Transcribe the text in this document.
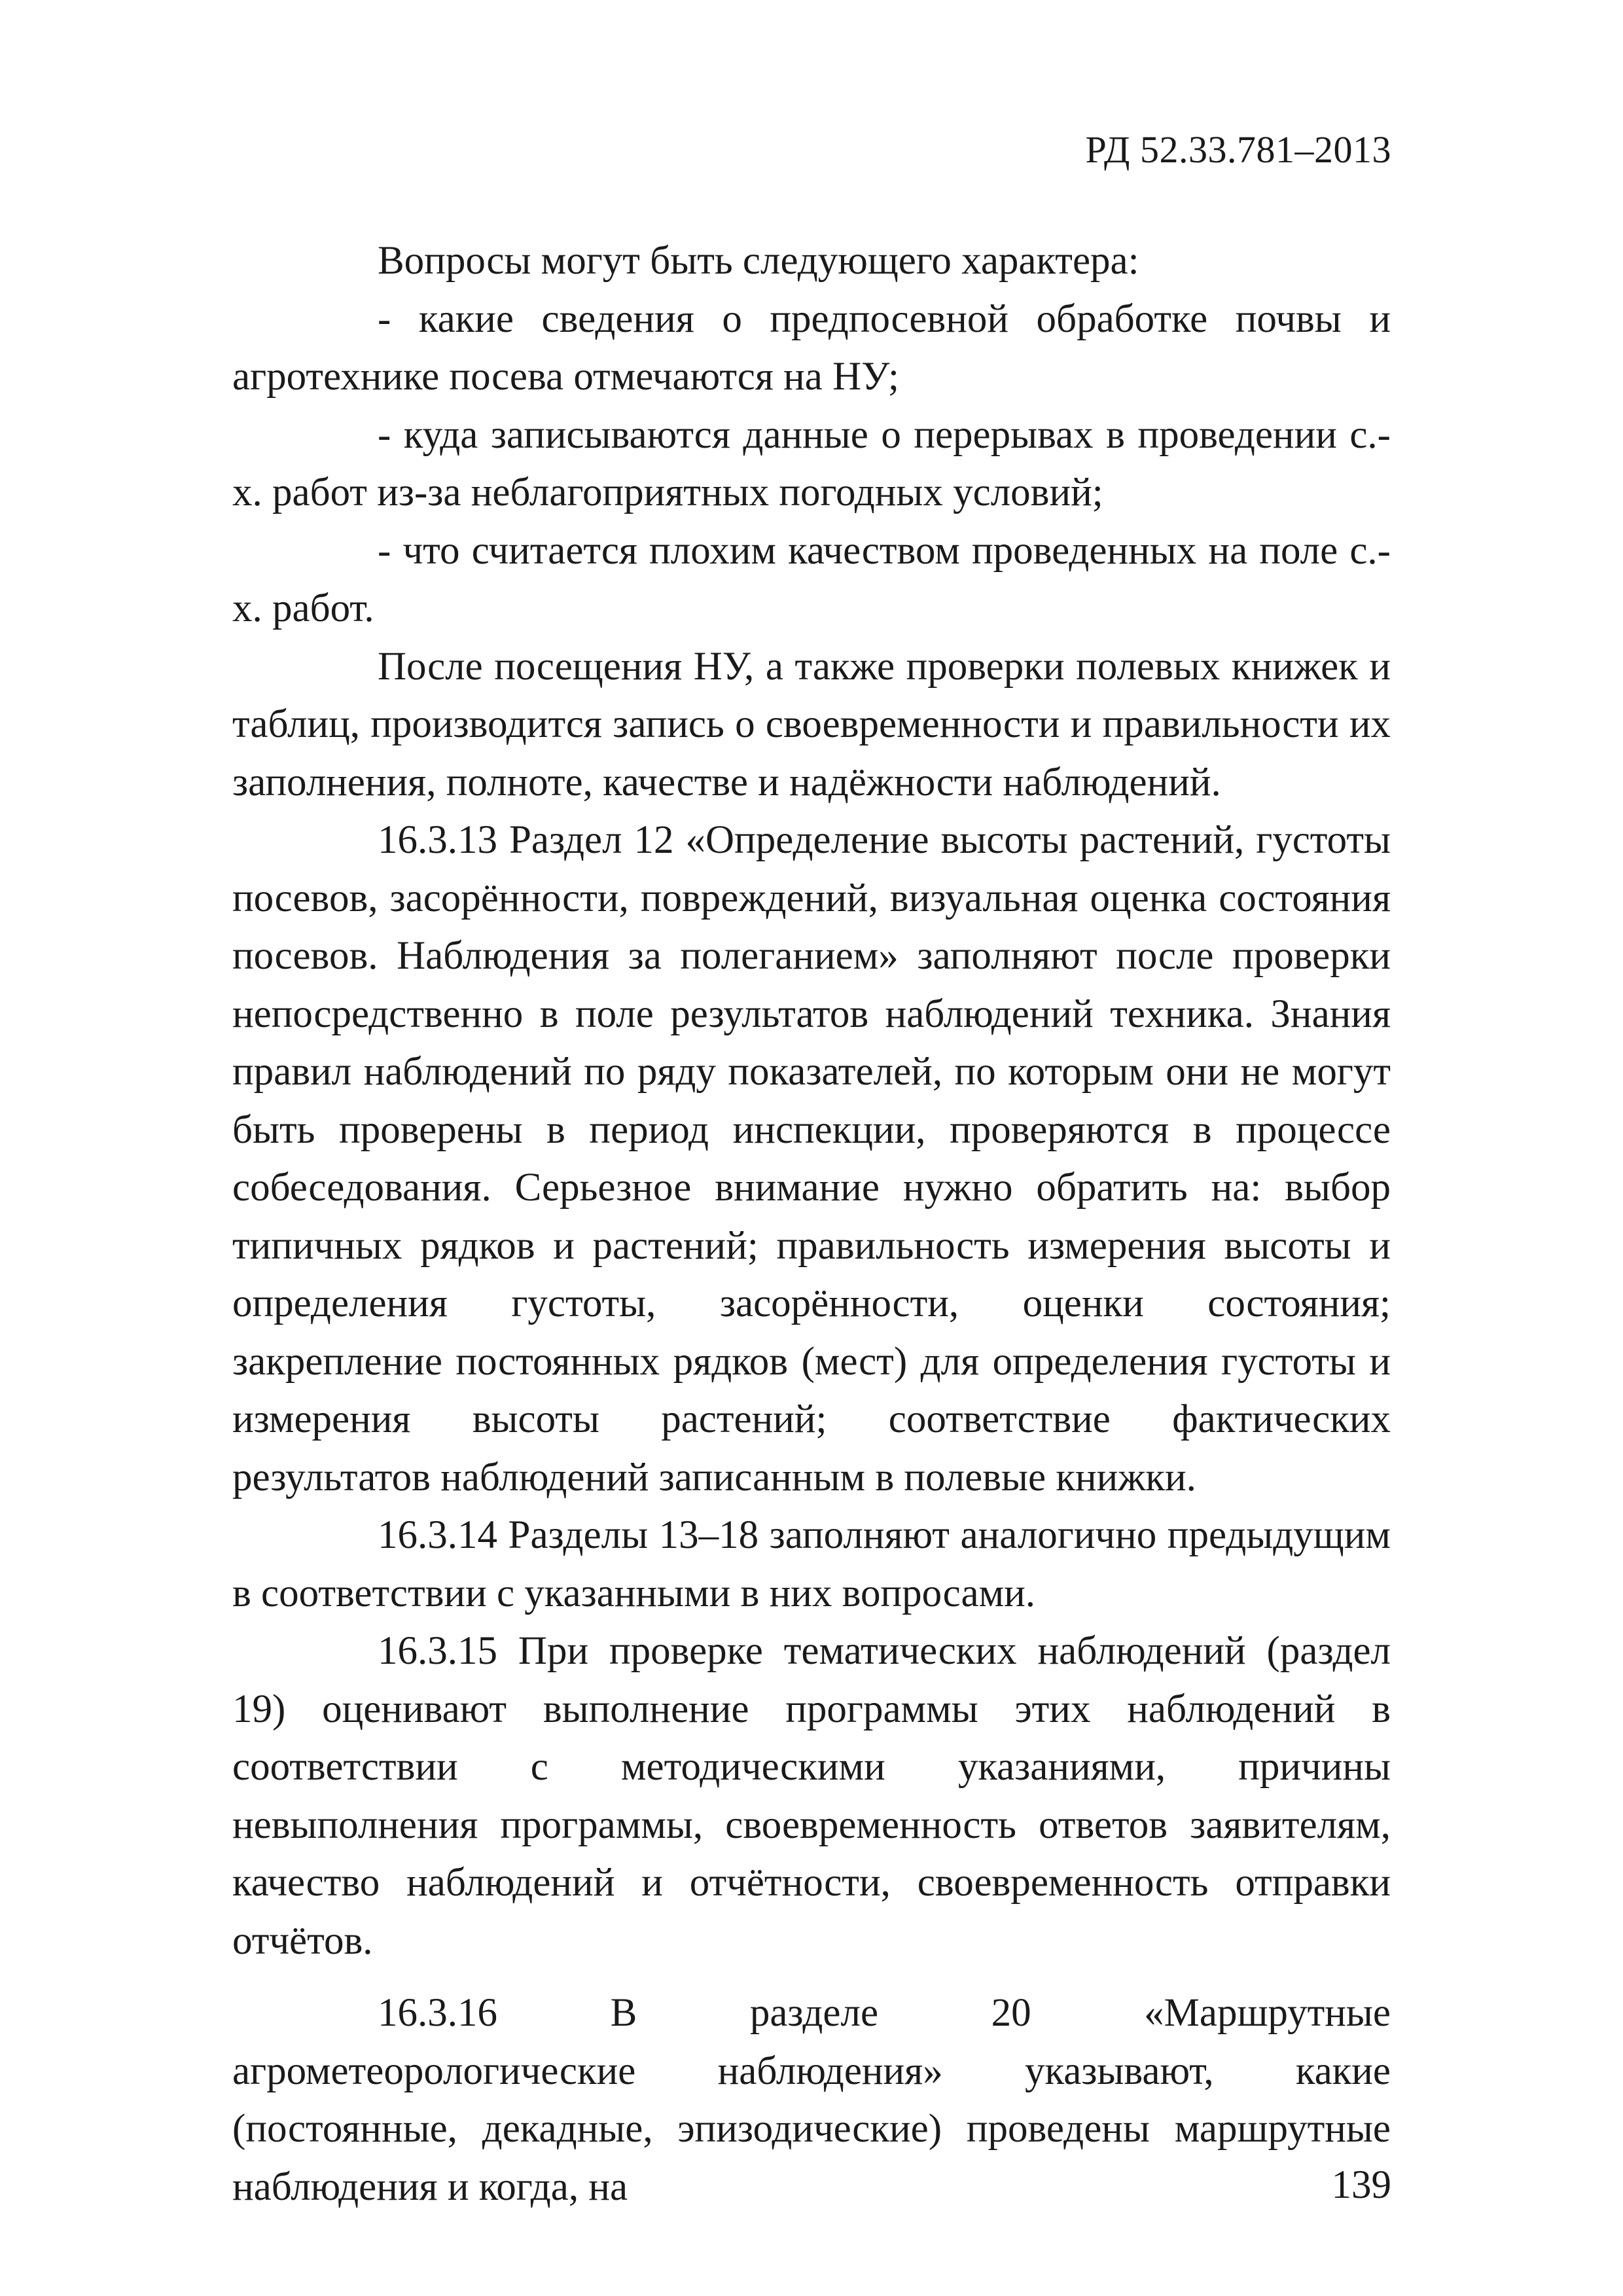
РД 52.33.781–2013

Вопросы могут быть следующего характера:

- какие сведения о предпосевной обработке почвы и агротехнике посева отмечаются на НУ;

- куда записываются данные о перерывах в проведении с.-х. работ из-за неблагоприятных погодных условий;

- что считается плохим качеством проведенных на поле с.-х. работ.

После посещения НУ, а также проверки полевых книжек и таблиц, производится запись о своевременности и правильности их заполнения, полноте, качестве и надёжности наблюдений.

16.3.13 Раздел 12 «Определение высоты растений, густоты посевов, засорённости, повреждений, визуальная оценка состояния посевов. Наблюдения за полеганием» заполняют после проверки непосредственно в поле результатов наблюдений техника. Знания правил наблюдений по ряду показателей, по которым они не могут быть проверены в период инспекции, проверяются в процессе собеседования. Серьезное внимание нужно обратить на: выбор типичных рядков и растений; правильность измерения высоты и определения густоты, засорённости, оценки состояния; закрепление постоянных рядков (мест) для определения густоты и измерения высоты растений; соответствие фактических результатов наблюдений записанным в полевые книжки.

16.3.14 Разделы 13–18 заполняют аналогично предыдущим в соответствии с указанными в них вопросами.

16.3.15 При проверке тематических наблюдений (раздел 19) оценивают выполнение программы этих наблюдений в соответствии с методическими указаниями, причины невыполнения программы, своевременность ответов заявителям, качество наблюдений и отчётности, своевременность отправки отчётов.

16.3.16 В разделе 20 «Маршрутные агрометеорологические наблюдения» указывают, какие (постоянные, декадные, эпизодические) проведены маршрутные наблюдения и когда, на	139
